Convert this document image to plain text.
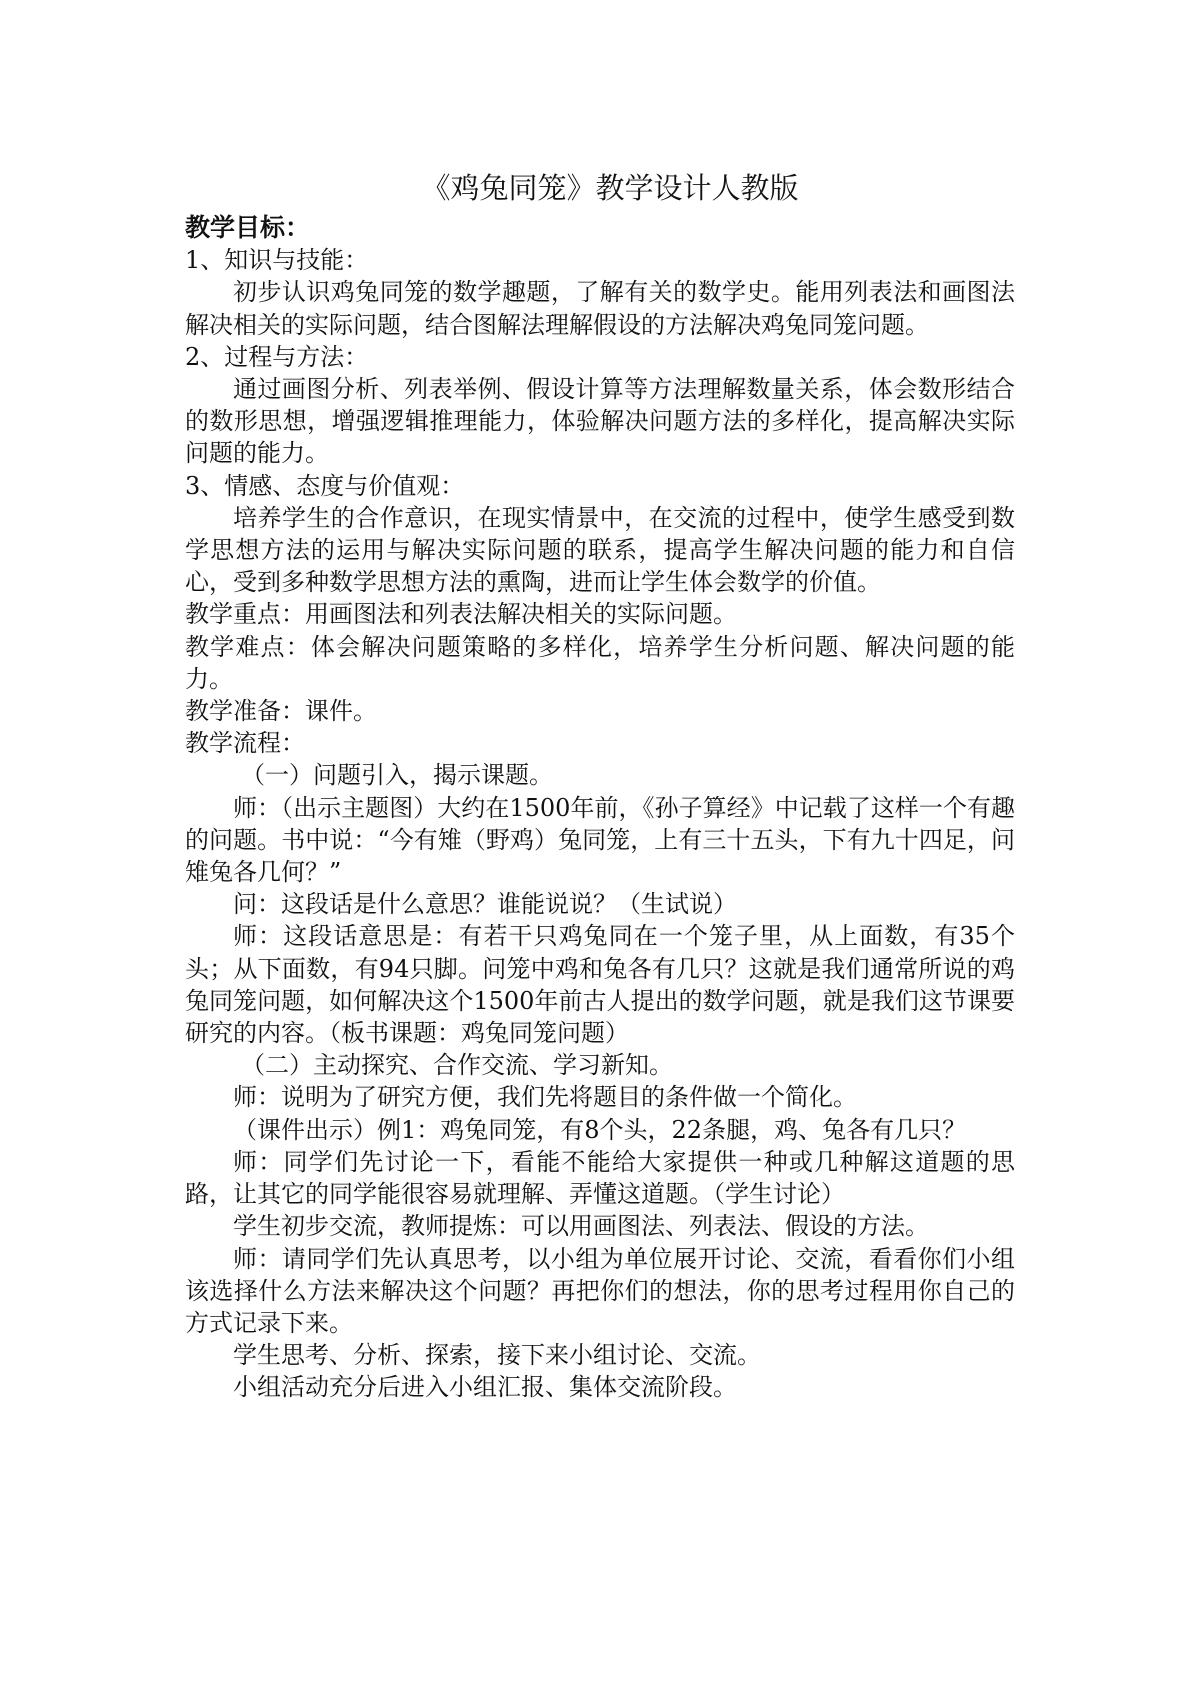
《鸡兔同笼》教学设计人教版

教学目标：

1、知识与技能：

初步认识鸡兔同笼的数学趣题，了解有关的数学史。能用列表法和画图法解决相关的实际问题，结合图解法理解假设的方法解决鸡兔同笼问题。

2、过程与方法：

通过画图分析、列表举例、假设计算等方法理解数量关系，体会数形结合的数形思想，增强逻辑推理能力，体验解决问题方法的多样化，提高解决实际问题的能力。

3、情感、态度与价值观：

培养学生的合作意识，在现实情景中，在交流的过程中，使学生感受到数学思想方法的运用与解决实际问题的联系，提高学生解决问题的能力和自信心，受到多种数学思想方法的熏陶，进而让学生体会数学的价值。

教学重点：用画图法和列表法解决相关的实际问题。

教学难点：体会解决问题策略的多样化，培养学生分析问题、解决问题的能力。

教学准备：课件。

教学流程：

（一）问题引入，揭示课题。

师：（出示主题图）大约在1500年前，《孙子算经》中记载了这样一个有趣的问题。书中说：“今有雉（野鸡）兔同笼，上有三十五头，下有九十四足，问雉兔各几何？”

问：这段话是什么意思？谁能说说？（生试说）

师：这段话意思是：有若干只鸡兔同在一个笼子里，从上面数，有35个头；从下面数，有94只脚。问笼中鸡和兔各有几只？这就是我们通常所说的鸡兔同笼问题，如何解决这个1500年前古人提出的数学问题，就是我们这节课要研究的内容。（板书课题：鸡兔同笼问题）

（二）主动探究、合作交流、学习新知。

师：说明为了研究方便，我们先将题目的条件做一个简化。

（课件出示）例1：鸡兔同笼，有8个头，22条腿，鸡、兔各有几只？

师：同学们先讨论一下，看能不能给大家提供一种或几种解这道题的思路，让其它的同学能很容易就理解、弄懂这道题。（学生讨论）

学生初步交流，教师提炼：可以用画图法、列表法、假设的方法。

师：请同学们先认真思考，以小组为单位展开讨论、交流，看看你们小组该选择什么方法来解决这个问题？再把你们的想法，你的思考过程用你自己的方式记录下来。

学生思考、分析、探索，接下来小组讨论、交流。

小组活动充分后进入小组汇报、集体交流阶段。
